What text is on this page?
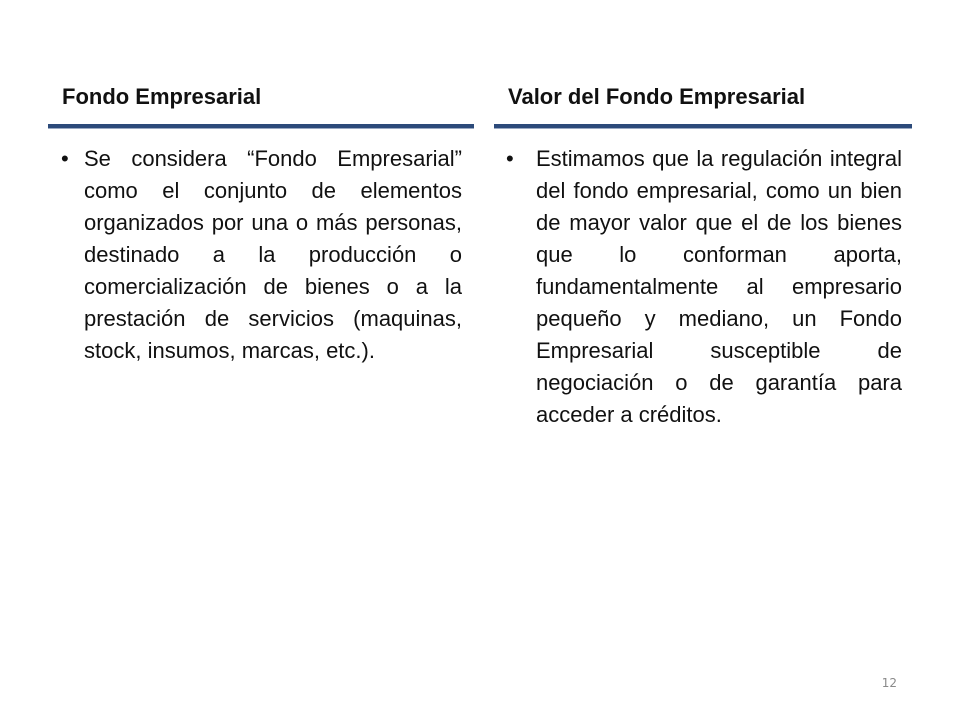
Fondo Empresarial
• Se considera “Fondo Empresarial” como el conjunto de elementos organizados por una o más personas, destinado a la producción o comercialización de bienes o a la prestación de servicios (maquinas, stock, insumos, marcas, etc.).
Valor del Fondo Empresarial
• Estimamos que la regulación integral del fondo empresarial, como un bien de mayor valor que el de los bienes que lo conforman aporta, fundamentalmente al empresario pequeño y mediano, un Fondo Empresarial susceptible de negociación o de garantía para acceder a créditos.
12
